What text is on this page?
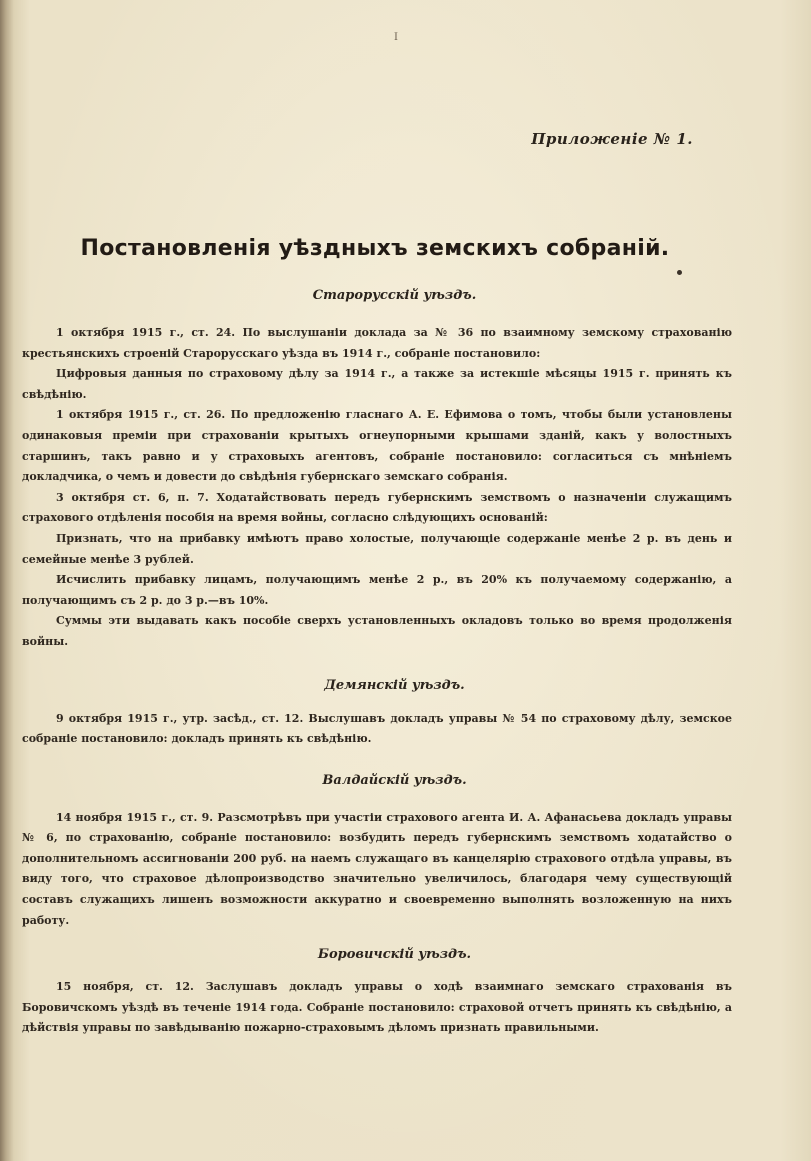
I
Приложеніе № 1.
Постановленія уѣздныхъ земскихъ собраній.
Старорусскій уѣздъ.
1 октября 1915 г., ст. 24. По выслушаніи доклада за № 36 по взаимному земскому страхованію крестьянскихъ строеній Старорусскаго уѣзда въ 1914 г., собраніе постановило:
Цифровыя данныя по страховому дѣлу за 1914 г., а также за истекшіе мѣсяцы 1915 г. принять къ свѣдѣнію.
1 октября 1915 г., ст. 26. По предложенію гласнаго А. Е. Ефимова о томъ, чтобы были установлены одинаковыя преміи при страхованіи крытыхъ огнеупорными крышами зданій, какъ у волостныхъ старшинъ, такъ равно и у страховыхъ агентовъ, собраніе постановило: согласиться съ мнѣніемъ докладчика, о чемъ и довести до свѣдѣнія губернскаго земскаго собранія.
3 октября ст. 6, п. 7. Ходатайствовать передъ губернскимъ земствомъ о назначеніи служащимъ страхового отдѣленія пособія на время войны, согласно слѣдующихъ основаній:
Признать, что на прибавку имѣютъ право холостые, получающіе содержаніе менѣе 2 р. въ день и семейные менѣе 3 рублей.
Исчислить прибавку лицамъ, получающимъ менѣе 2 р., въ 20% къ получаемому содержанію, а получающимъ съ 2 р. до 3 р.—въ 10%.
Суммы эти выдавать какъ пособіе сверхъ установленныхъ окладовъ только во время продолженія войны.
Демянскій уѣздъ.
9 октября 1915 г., утр. засѣд., ст. 12. Выслушавъ докладъ управы № 54 по страховому дѣлу, земское собраніе постановило: докладъ принять къ свѣдѣнію.
Валдайскій уѣздъ.
14 ноября 1915 г., ст. 9. Разсмотрѣвъ при участіи страхового агента И. А. Афанасьева докладъ управы № 6, по страхованію, собраніе постановило: возбудить передъ губернскимъ земствомъ ходатайство о дополнительномъ ассигнованіи 200 руб. на наемъ служащаго въ канцелярію страхового отдѣла управы, въ виду того, что страховое дѣлопроизводство значительно увеличилось, благодаря чему существующій составъ служащихъ лишенъ возможности аккуратно и своевременно выполнять возложенную на нихъ работу.
Боровичскій уѣздъ.
15 ноября, ст. 12. Заслушавъ докладъ управы о ходѣ взаимнаго земскаго страхованія въ Боровичскомъ уѣздѣ въ теченіе 1914 года. Собраніе постановило: страховой отчетъ принять къ свѣдѣнію, а дѣйствія управы по завѣдыванію пожарно-страховымъ дѣломъ признать правильными.
